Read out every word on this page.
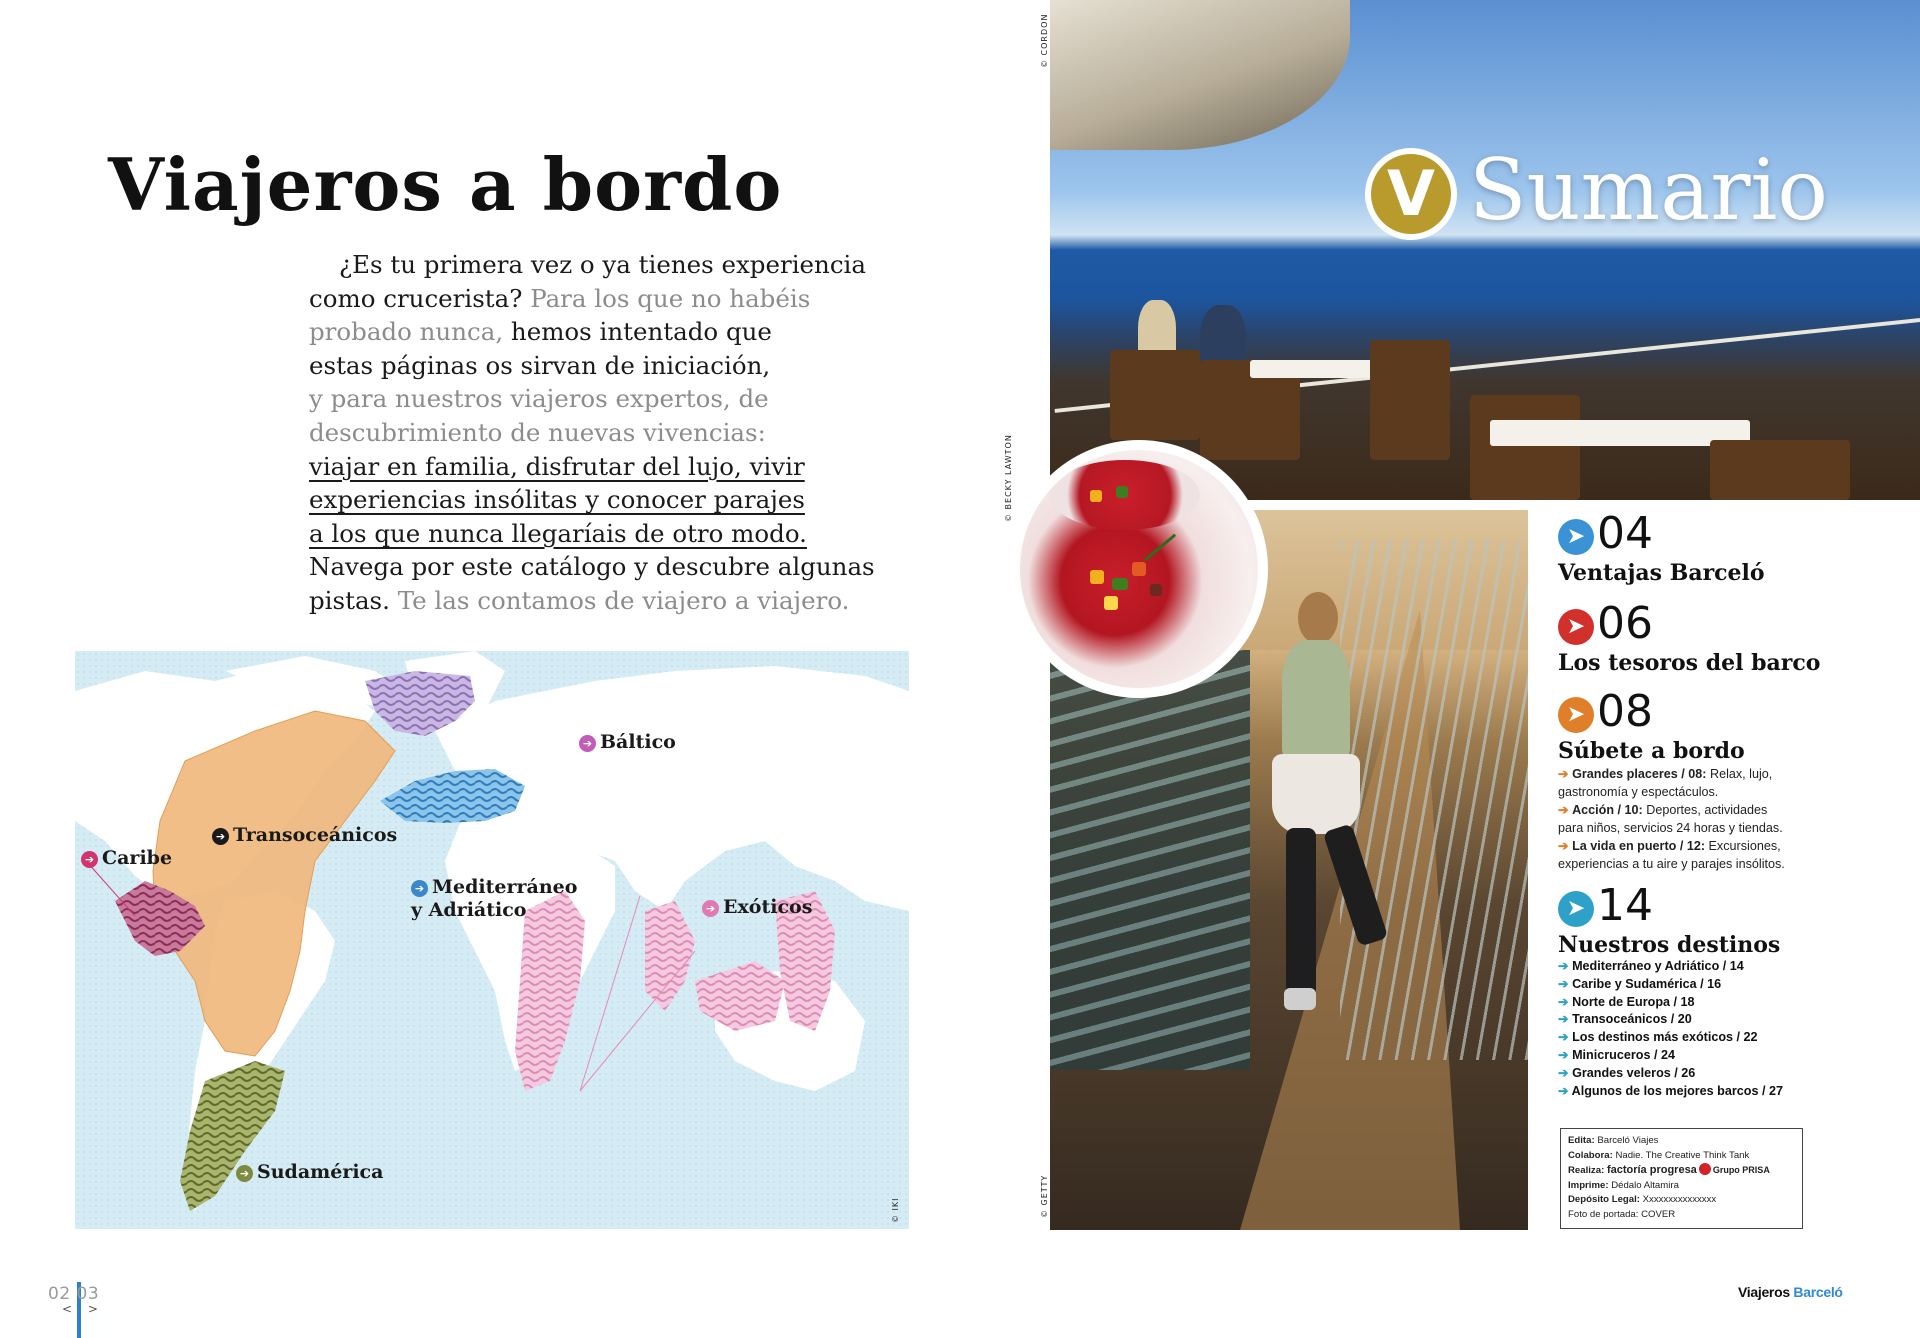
Viajeros a bordo
¿Es tu primera vez o ya tienes experiencia
como crucerista? Para los que no habéis
probado nunca, hemos intentado que
estas páginas os sirvan de iniciación,
y para nuestros viajeros expertos, de
descubrimiento de nuevas vivencias:
viajar en familia, disfrutar del lujo, vivir
experiencias insólitas y conocer parajes
a los que nunca llegaríais de otro modo.
Navega por este catálogo y descubre algunas
pistas. Te las contamos de viajero a viajero.
➔ Báltico
➔ Transoceánicos
➔ Caribe
➔ Mediterráneo
y Adriático	➔ Exóticos
➔ Sudamérica
© IKI
02 03
< >
© CORDON
V Sumario
© GETTY
© BECKY LAWTON
➤ 04
Ventajas Barceló
➤ 06
Los tesoros del barco
➤ 08
Súbete a bordo
➔ Grandes placeres / 08: Relax, lujo,
gastronomía y espectáculos.
➔ Acción / 10: Deportes, actividades
para niños, servicios 24 horas y tiendas.
➔ La vida en puerto / 12: Excursiones,
experiencias a tu aire y parajes insólitos.
➤ 14
Nuestros destinos
➔ Mediterráneo y Adriático / 14
➔ Caribe y Sudamérica / 16
➔ Norte de Europa / 18
➔ Transoceánicos / 20
➔ Los destinos más exóticos / 22
➔ Minicruceros / 24
➔ Grandes veleros / 26
➔ Algunos de los mejores barcos / 27
Edita: Barceló Viajes
Colabora: Nadie. The Creative Think Tank
Realiza: factoría progresa Grupo PRISA
Imprime: Dédalo Altamira
Depósito Legal: Xxxxxxxxxxxxxxx
Foto de portada: COVER
Viajeros Barceló
